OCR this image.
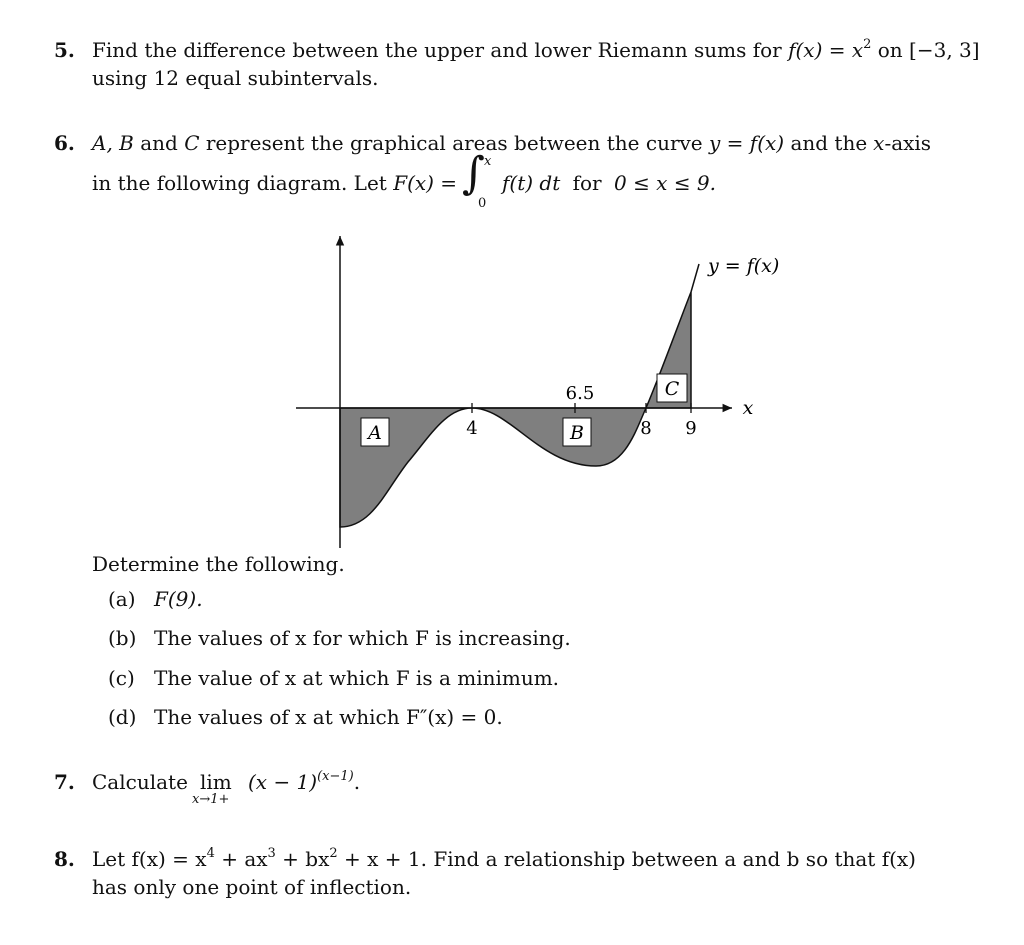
5. Find the difference between the upper and lower Riemann sums for $f(x) = x^2$ on [−3, 3]
using 12 equal subintervals.
6. A, B and C represent the graphical areas between the curve y = f(x) and the x-axis
in the following diagram. Let F(x) = ∫ x
0
f(t) dt for 0 ≤ x ≤ 9.
4
6.5
8 9
x
y = f(x)
A	B
C
Determine the following.
(a) F(9).
(b) The values of x for which F is increasing.
(c) The value of x at which F is a minimum.
(d) The values of x at which F″(x) = 0.
7. Calculate lim
x→1+
$(x - 1)^{(x-1)}$.
8. Let $f(x) = x^4 + ax^3 + bx^2 + x + 1$. Find a relationship between a and b so that f(x)
has only one point of inflection.
